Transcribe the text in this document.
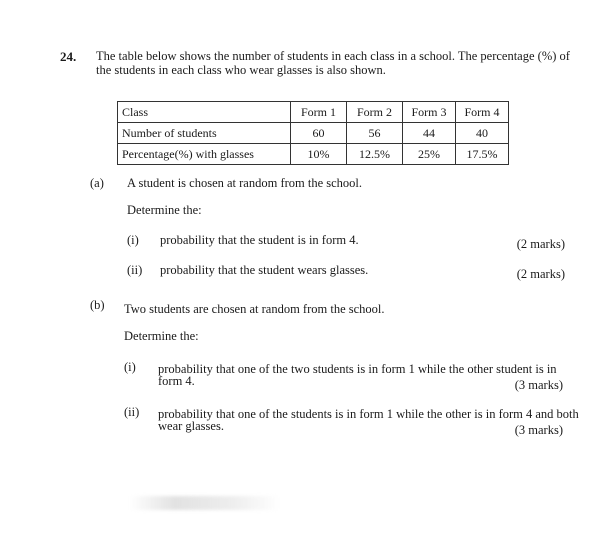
24. The table below shows the number of students in each class in a school. The percentage (%) of the students in each class who wear glasses is also shown.
Class	Form 1	Form 2	Form 3	Form 4
Number of students	60	56	44	40
Percentage(%) with glasses	10%	12.5%	25%	17.5%
(a) A student is chosen at random from the school.
Determine the:
(i) probability that the student is in form 4.	(2 marks)
(ii) probability that the student wears glasses.	(2 marks)
(b) Two students are chosen at random from the school.
Determine the:
(i) probability that one of the two students is in form 1 while the other student is in
form 4.	(3 marks)
(ii) probability that one of the students is in form 1 while the other is in form 4 and both
wear glasses.	(3 marks)
